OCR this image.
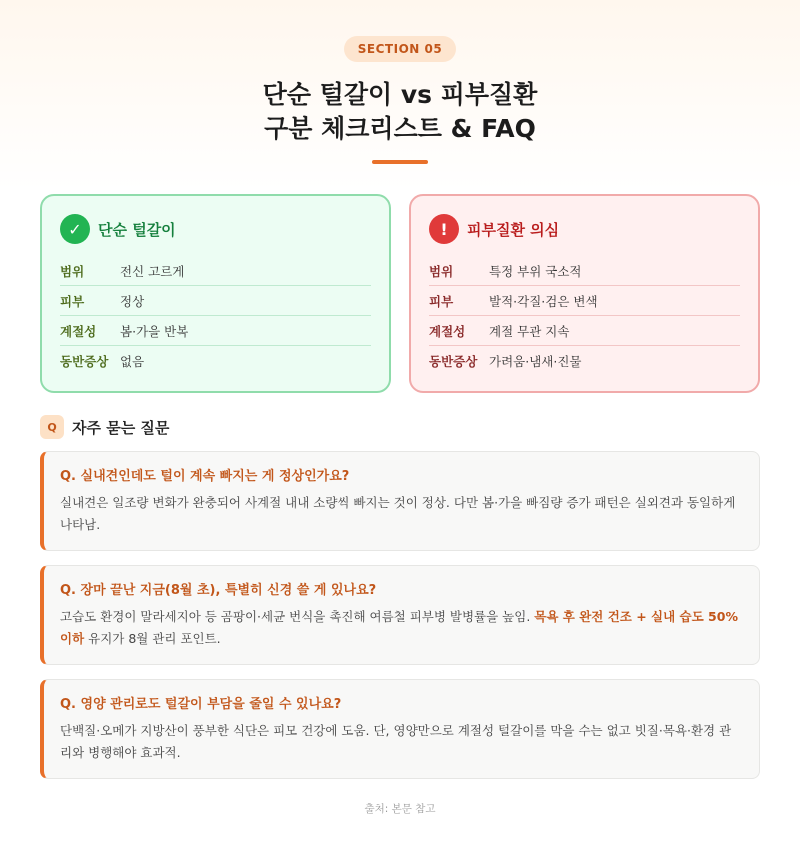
SECTION 05
단순 털갈이 vs 피부질환
구분 체크리스트 & FAQ
✓	단순 털갈이
범위	전신 고르게
피부	정상
계절성	봄·가을 반복
동반증상 없음
!	피부질환 의심
범위	특정 부위 국소적
피부	발적·각질·검은 변색
계절성	계절 무관 지속
동반증상 가려움·냄새·진물
Q	자주 묻는 질문
Q. 실내견인데도 털이 계속 빠지는 게 정상인가요?
실내견은 일조량 변화가 완충되어 사계절 내내 소량씩 빠지는 것이 정상. 다만 봄·가을 빠짐량 증가 패턴은 실외견과 동일하게 나타남.
Q. 장마 끝난 지금(8월 초), 특별히 신경 쓸 게 있나요?
고습도 환경이 말라세지아 등 곰팡이·세균 번식을 촉진해 여름철 피부병 발병률을 높임. 목욕 후 완전 건조 + 실내 습도 50% 이하 유지가 8월 관리 포인트.
Q. 영양 관리로도 털갈이 부담을 줄일 수 있나요?
단백질·오메가 지방산이 풍부한 식단은 피모 건강에 도움. 단, 영양만으로 계절성 털갈이를 막을 수는 없고 빗질·목욕·환경 관리와 병행해야 효과적.
출처: 본문 참고
